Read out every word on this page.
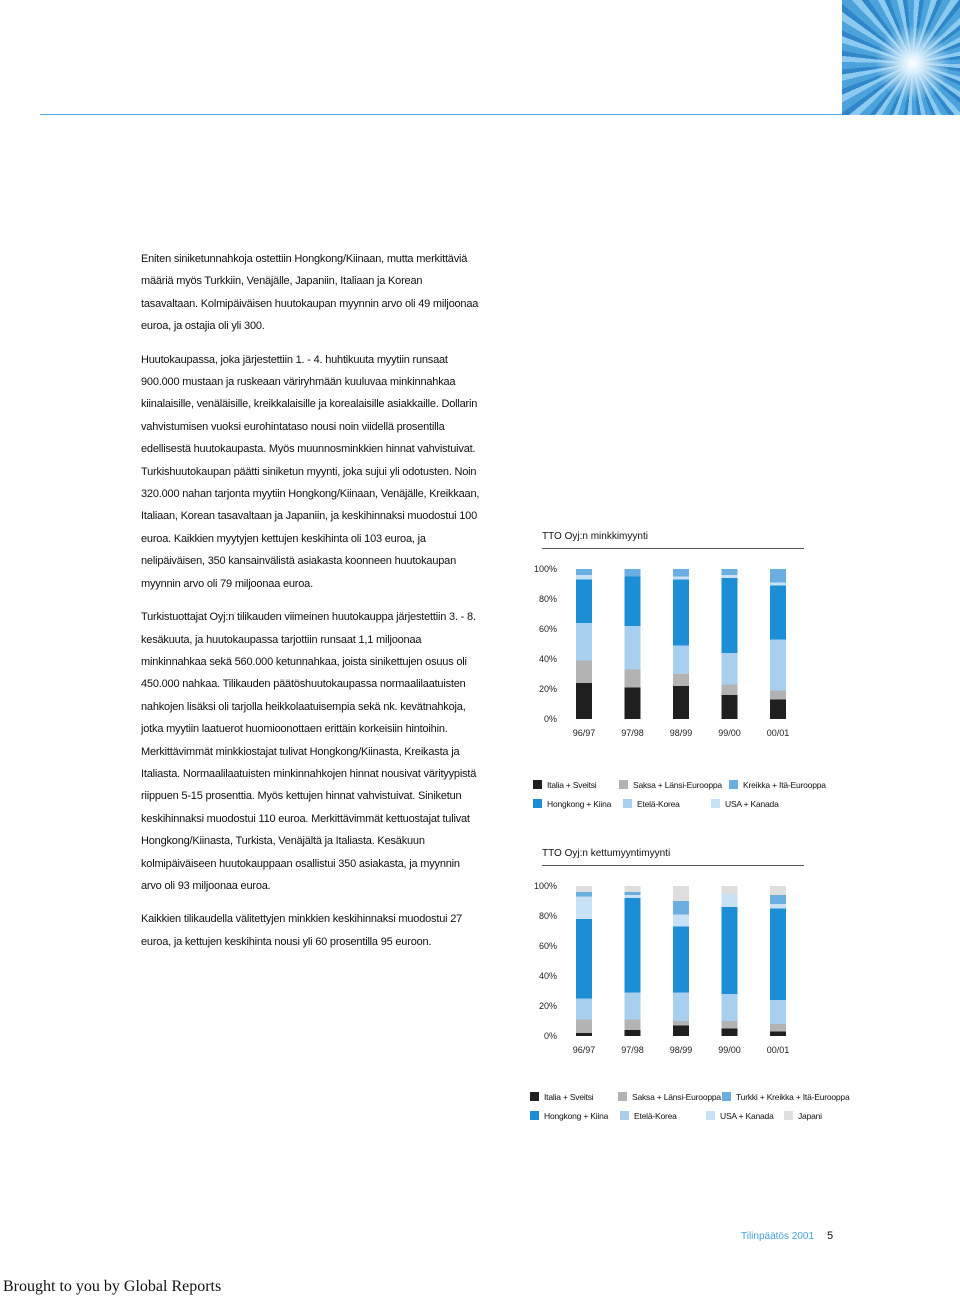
Eniten siniketunnahkoja ostettiin Hongkong/Kiinaan, mutta merkittäviä määriä myös Turkkiin, Venäjälle, Japaniin, Italiaan ja Korean tasavaltaan. Kolmipäiväisen huutokaupan myynnin arvo oli 49 miljoonaa euroa, ja ostajia oli yli 300.

Huutokaupassa, joka järjestettiin 1. - 4. huhtikuuta myytiin runsaat 900.000 mustaan ja ruskeaan väriryhmään kuuluvaa minkinnahkaa kiinalaisille, venäläisille, kreikkalaisille ja korealaisille asiakkaille. Dollarin vahvistumisen vuoksi eurohintataso nousi noin viidellä prosentilla edellisestä huutokaupasta. Myös muunnosminkkien hinnat vahvistuivat. Turkishuutokaupan päätti siniketun myynti, joka sujui yli odotusten. Noin 320.000 nahan tarjonta myytiin Hongkong/Kiinaan, Venäjälle, Kreikkaan, Italiaan, Korean tasavaltaan ja Japaniin, ja keskihinnaksi muodostui 100 euroa. Kaikkien myytyjen kettujen keskihinta oli 103 euroa, ja nelipäiväisen, 350 kansainvälistä asiakasta koonneen huutokaupan myynnin arvo oli 79 miljoonaa euroa.

Turkistuottajat Oyj:n tilikauden viimeinen huutokauppa järjestettiin 3. - 8. kesäkuuta, ja huutokaupassa tarjottiin runsaat 1,1 miljoonaa minkinnahkaa sekä 560.000 ketunnahkaa, joista sinikettujen osuus oli 450.000 nahkaa. Tilikauden päätöshuutokaupassa normaalilaatuisten nahkojen lisäksi oli tarjolla heikkolaatuisempia sekä nk. kevätnahkoja, jotka myytiin laatuerot huomioonottaen erittäin korkeisiin hintoihin. Merkittävimmät minkkiostajat tulivat Hongkong/Kiinasta, Kreikasta ja Italiasta. Normaalilaatuisten minkinnahkojen hinnat nousivat värityypistä riippuen 5-15 prosenttia. Myös kettujen hinnat vahvistuivat. Siniketun keskihinnaksi muodostui 110 euroa. Merkittävimmät kettuostajat tulivat Hongkong/Kiinasta, Turkista, Venäjältä ja Italiasta. Kesäkuun kolmipäiväiseen huutokauppaan osallistui 350 asiakasta, ja myynnin arvo oli 93 miljoonaa euroa.

Kaikkien tilikaudella välitettyjen minkkien keskihinnaksi muodostui 27 euroa, ja kettujen keskihinta nousi yli 60 prosentilla 95 euroon.

TTO Oyj:n minkkimyynti
0%
20%
40%
60%
80%
100%
96/97	97/98	98/99	99/00	00/01
Italia + Sveitsi	Saksa + Länsi-Eurooppa Kreikka + Itä-Eurooppa
Hongkong + Kiina	Etelä-Korea	USA + Kanada
TTO Oyj:n kettumyyntimyynti
0%
20%
40%
60%
80%
100%
96/97	97/98	98/99	99/00	00/01
Italia + Sveitsi	Saksa + Länsi-Eurooppa Turkki + Kreikka + Itä-Eurooppa
Hongkong + Kiina	Etelä-Korea	USA + Kanada	Japani
Tilinpäätös 2001 5
Brought to you by Global Reports
